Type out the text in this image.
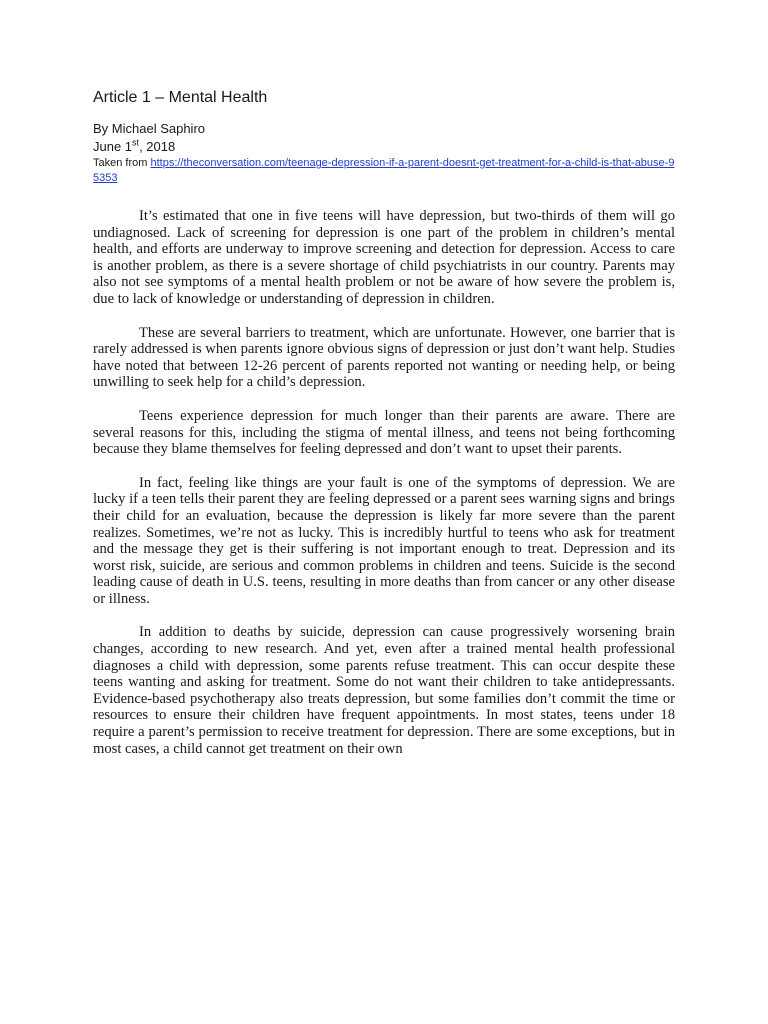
Article 1 – Mental Health

By Michael Saphiro

June 1st, 2018

Taken from https://theconversation.com/teenage-depression-if-a-parent-doesnt-get-treatment-for-a-child-is-that-abuse-95353

It’s estimated that one in five teens will have depression, but two-thirds of them will go undiagnosed. Lack of screening for depression is one part of the problem in children’s mental health, and efforts are underway to improve screening and detection for depression. Access to care is another problem, as there is a severe shortage of child psychiatrists in our country. Parents may also not see symptoms of a mental health problem or not be aware of how severe the problem is, due to lack of knowledge or understanding of depression in children.

These are several barriers to treatment, which are unfortunate. However, one barrier that is rarely addressed is when parents ignore obvious signs of depression or just don’t want help. Studies have noted that between 12-26 percent of parents reported not wanting or needing help, or being unwilling to seek help for a child’s depression.

Teens experience depression for much longer than their parents are aware. There are several reasons for this, including the stigma of mental illness, and teens not being forthcoming because they blame themselves for feeling depressed and don’t want to upset their parents.

In fact, feeling like things are your fault is one of the symptoms of depression. We are lucky if a teen tells their parent they are feeling depressed or a parent sees warning signs and brings their child for an evaluation, because the depression is likely far more severe than the parent realizes. Sometimes, we’re not as lucky. This is incredibly hurtful to teens who ask for treatment and the message they get is their suffering is not important enough to treat. Depression and its worst risk, suicide, are serious and common problems in children and teens. Suicide is the second leading cause of death in U.S. teens, resulting in more deaths than from cancer or any other disease or illness.

In addition to deaths by suicide, depression can cause progressively worsening brain changes, according to new research. And yet, even after a trained mental health professional diagnoses a child with depression, some parents refuse treatment. This can occur despite these teens wanting and asking for treatment. Some do not want their children to take antidepressants. Evidence-based psychotherapy also treats depression, but some families don’t commit the time or resources to ensure their children have frequent appointments. In most states, teens under 18 require a parent’s permission to receive treatment for depression. There are some exceptions, but in most cases, a child cannot get treatment on their own
